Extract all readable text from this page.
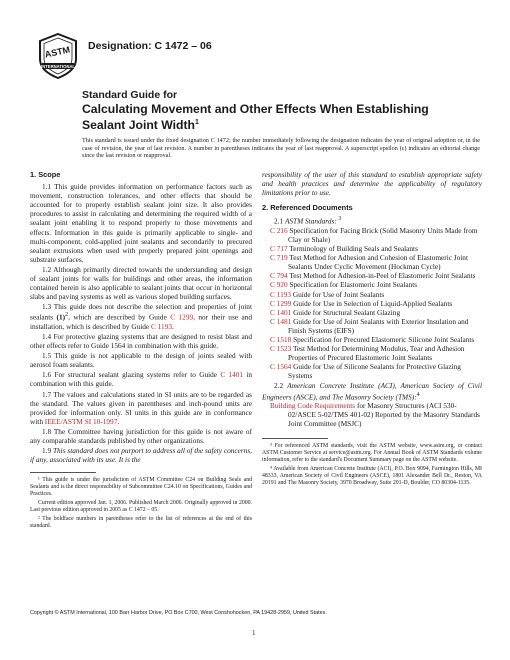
ASTM
INTERNATIONAL
Designation: C 1472 – 06
Standard Guide for
Calculating Movement and Other Effects When Establishing
Sealant Joint Width$^1$
This standard is issued under the fixed designation C 1472; the number immediately following the designation indicates the year of original adoption or, in the case of revision, the year of last revision. A number in parentheses indicates the year of last reapproval. A superscript epsilon (ε) indicates an editorial change since the last revision or reapproval.
1. Scope

1.1 This guide provides information on performance factors such as movement, construction tolerances, and other effects that should be accounted for to properly establish sealant joint size. It also provides procedures to assist in calculating and determining the required width of a sealant joint enabling it to respond properly to those movements and effects. Information in this guide is primarily applicable to single- and multi-component, cold-applied joint sealants and secondarily to precured sealant extrusions when used with properly prepared joint openings and substrate surfaces.

1.2 Although primarily directed towards the understanding and design of sealant joints for walls for buildings and other areas, the information contained herein is also applicable to sealant joints that occur in horizontal slabs and paving systems as well as various sloped building surfaces.

1.3 This guide does not describe the selection and properties of joint sealants $(1)^2$, which are described by Guide C 1299, nor their use and installation, which is described by Guide C 1193.

1.4 For protective glazing systems that are designed to resist blast and other effects refer to Guide 1564 in combination with this guide.

1.5 This guide is not applicable to the design of joints sealed with aerosol foam sealants.

1.6 For structural sealant glazing systems refer to Guide C 1401 in combination with this guide.

1.7 The values and calculations stated in SI units are to be regarded as the standard. The values given in parentheses and inch-pound units are provided for information only. SI units in this guide are in conformance with IEEE/ASTM SI 10-1997.

1.8 The Committee having jurisdiction for this guide is not aware of any comparable standards published by other organizations.

1.9 This standard does not purport to address all of the safety concerns, if any, associated with its use. It is the

¹ This guide is under the jurisdiction of ASTM Committee C24 on Building Seals and Sealants and is the direct responsibility of Subcommittee C24.10 on Specifications, Guides and Practices.

Current edition approved Jan. 1, 2006. Published March 2006. Originally approved in 2000. Last previous edition approved in 2005 as C 1472 – 05.

² The boldface numbers in parentheses refer to the list of references at the end of this standard.

responsibility of the user of this standard to establish appropriate safety and health practices and determine the applicability of regulatory limitations prior to use.

2. Referenced Documents

2.1 ASTM Standards: $^3$

C 216 Specification for Facing Brick (Solid Masonry Units Made from Clay or Shale)

C 717 Terminology of Building Seals and Sealants

C 719 Test Method for Adhesion and Cohesion of Elastomeric Joint Sealants Under Cyclic Movement (Hockman Cycle)

C 794 Test Method for Adhesion-in-Peel of Elastomeric Joint Sealants

C 920 Specification for Elastomeric Joint Sealants

C 1193 Guide for Use of Joint Sealants

C 1299 Guide for Use in Selection of Liquid-Applied Sealants

C 1401 Guide for Structural Sealant Glazing

C 1481 Guide for Use of Joint Sealants with Exterior Insulation and Finish Systems (EIFS)

C 1518 Specification for Precured Elastomeric Silicone Joint Sealants

C 1523 Test Method for Determining Modulus, Tear and Adhesion Properties of Precured Elastomeric Joint Sealants

C 1564 Guide for Use of Silicone Sealants for Protective Glazing Systems

2.2 American Concrete Institute (ACI), American Society of Civil Engineers (ASCE), and The Masonry Society (TMS):$^4$

Building Code Requirements for Masonry Structures (ACI 530-02/ASCE 5-02/TMS 401-02) Reported by the Masonry Standards Joint Committee (MSJC)

³ For referenced ASTM standards, visit the ASTM website, www.astm.org, or contact ASTM Customer Service at service@astm.org. For Annual Book of ASTM Standards volume information, refer to the standard's Document Summary page on the ASTM website.

⁴ Available from American Concrete Institute (ACI), P.O. Box 9094, Farmington Hills, MI 48333, American Society of Civil Engineers (ASCE), 1801 Alexander Bell Dr., Reston, VA 20191 and The Masonry Society, 3970 Broadway, Suite 201-D, Boulder, CO 80304-1135.

Copyright © ASTM International, 100 Barr Harbor Drive, PO Box C700, West Conshohocken, PA 19428-2959, United States.
1
